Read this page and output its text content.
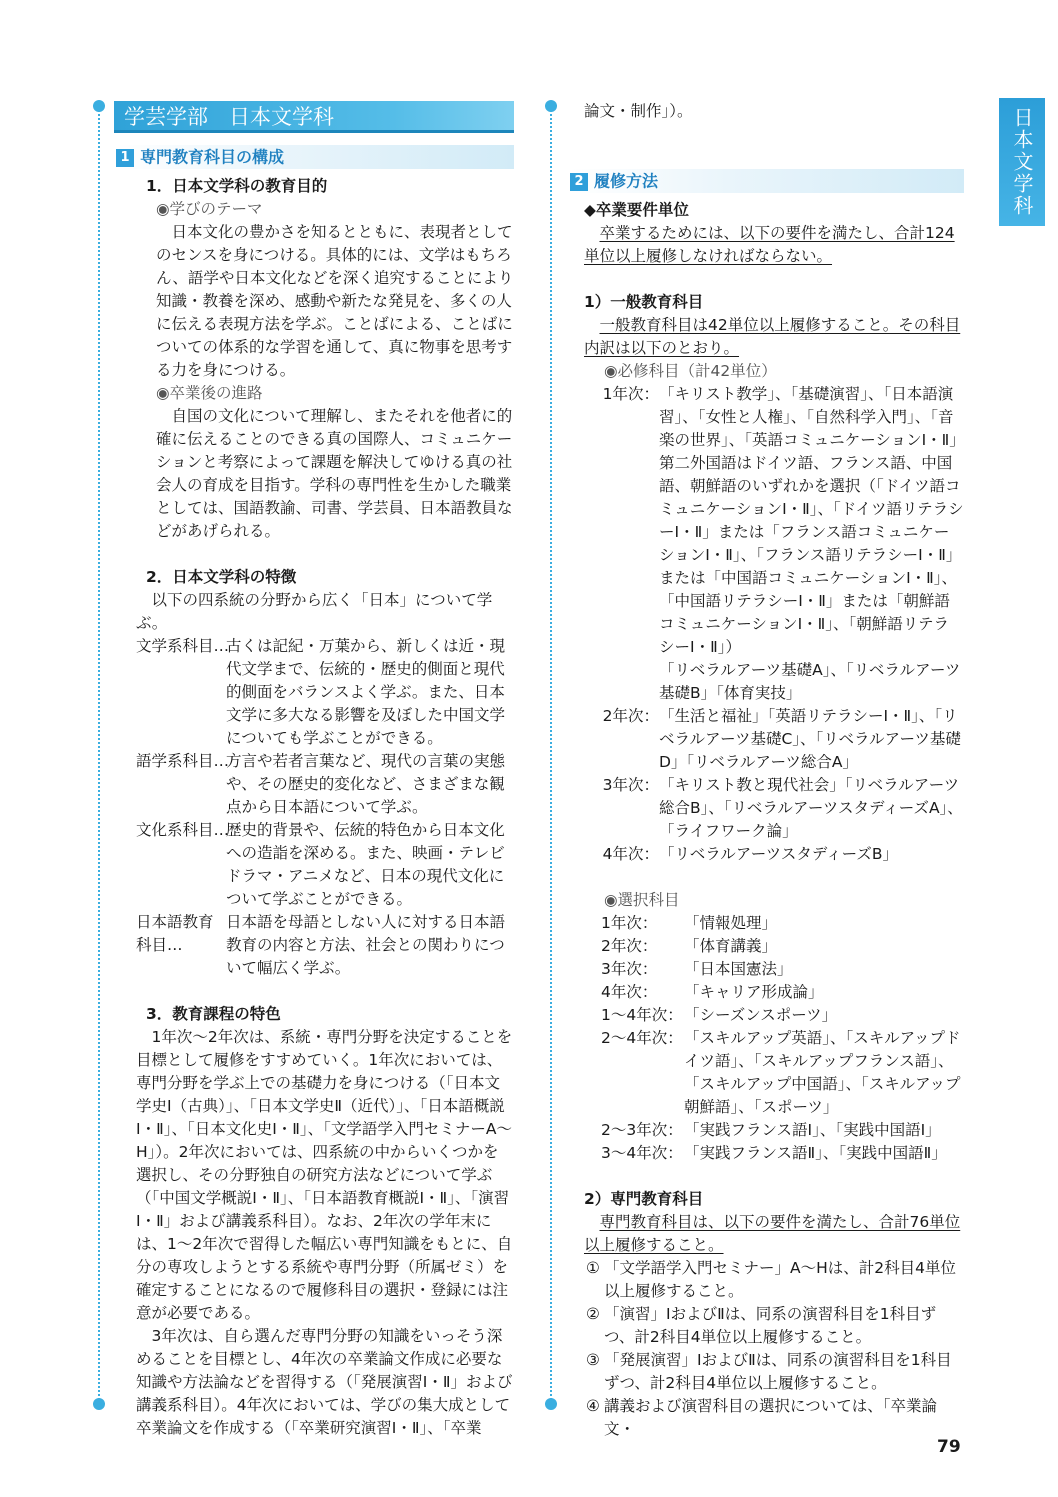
日本文学科
学芸学部　日本文学科
1 専門教育科目の構成

1．日本文学科の教育目的

◉学びのテーマ

日本文化の豊かさを知るとともに、表現者としてのセンスを身につける。具体的には、文学はもちろん、語学や日本文化などを深く追究することにより知識・教養を深め、感動や新たな発見を、多くの人に伝える表現方法を学ぶ。ことばによる、ことばについての体系的な学習を通して、真に物事を思考する力を身につける。

◉卒業後の進路

自国の文化について理解し、またそれを他者に的確に伝えることのできる真の国際人、コミュニケーションと考察によって課題を解決してゆける真の社会人の育成を目指す。学科の専門性を生かした職業としては、国語教諭、司書、学芸員、日本語教員などがあげられる。

2．日本文学科の特徴

以下の四系統の分野から広く「日本」について学ぶ。

文学系科目…
古くは記紀・万葉から、新しくは近・現代文学まで、伝統的・歴史的側面と現代的側面をバランスよく学ぶ。また、日本文学に多大なる影響を及ぼした中国文学についても学ぶことができる。
語学系科目…
方言や若者言葉など、現代の言葉の実態や、その歴史的変化など、さまざまな観点から日本語について学ぶ。
文化系科目…
歴史的背景や、伝統的特色から日本文化への造詣を深める。また、映画・テレビドラマ・アニメなど、日本の現代文化について学ぶことができる。
日本語教育科目…
日本語を母語としない人に対する日本語教育の内容と方法、社会との関わりについて幅広く学ぶ。

3．教育課程の特色

1年次〜2年次は、系統・専門分野を決定することを目標として履修をすすめていく。1年次においては、専門分野を学ぶ上での基礎力を身につける（「日本文学史Ⅰ（古典）」、「日本文学史Ⅱ（近代）」、「日本語概説Ⅰ・Ⅱ」、「日本文化史Ⅰ・Ⅱ」、「文学語学入門セミナーA〜H」）。2年次においては、四系統の中からいくつかを選択し、その分野独自の研究方法などについて学ぶ（「中国文学概説Ⅰ・Ⅱ」、「日本語教育概説Ⅰ・Ⅱ」、「演習Ⅰ・Ⅱ」および講義系科目）。なお、2年次の学年末には、1〜2年次で習得した幅広い専門知識をもとに、自分の専攻しようとする系統や専門分野（所属ゼミ）を確定することになるので履修科目の選択・登録には注意が必要である。

3年次は、自ら選んだ専門分野の知識をいっそう深めることを目標とし、4年次の卒業論文作成に必要な知識や方法論などを習得する（「発展演習Ⅰ・Ⅱ」および講義系科目）。4年次においては、学びの集大成として卒業論文を作成する（「卒業研究演習Ⅰ・Ⅱ」、「卒業

論文・制作」）。

2 履修方法

◆卒業要件単位

卒業するためには、以下の要件を満たし、合計124単位以上履修しなければならない。

1）一般教育科目

一般教育科目は42単位以上履修すること。その科目内訳は以下のとおり。

◉必修科目（計42単位）

1年次： 「キリスト教学」、「基礎演習」、「日本語演習」、「女性と人権」、「自然科学入門」、「音楽の世界」、「英語コミュニケーションⅠ・Ⅱ」
第二外国語はドイツ語、フランス語、中国語、朝鮮語のいずれかを選択（「ドイツ語コミュニケーションⅠ・Ⅱ」、「ドイツ語リテラシーⅠ・Ⅱ」または「フランス語コミュニケーションⅠ・Ⅱ」、「フランス語リテラシーⅠ・Ⅱ」または「中国語コミュニケーションⅠ・Ⅱ」、「中国語リテラシーⅠ・Ⅱ」または「朝鮮語コミュニケーションⅠ・Ⅱ」、「朝鮮語リテラシーⅠ・Ⅱ」）
「リベラルアーツ基礎A」、「リベラルアーツ基礎B」「体育実技」
2年次： 「生活と福祉」「英語リテラシーⅠ・Ⅱ」、「リベラルアーツ基礎C」、「リベラルアーツ基礎D」「リベラルアーツ総合A」
3年次： 「キリスト教と現代社会」「リベラルアーツ総合B」、「リベラルアーツスタディーズA」、「ライフワーク論」
4年次： 「リベラルアーツスタディーズB」

◉選択科目

1年次：	「情報処理」
2年次：	「体育講義」
3年次：	「日本国憲法」
4年次：	「キャリア形成論」
1〜4年次： 「シーズンスポーツ」
2〜4年次： 「スキルアップ英語」、「スキルアップドイツ語」、「スキルアップフランス語」、「スキルアップ中国語」、「スキルアップ朝鮮語」、「スポーツ」
2〜3年次： 「実践フランス語Ⅰ」、「実践中国語Ⅰ」
3〜4年次： 「実践フランス語Ⅱ」、「実践中国語Ⅱ」

2）専門教育科目

専門教育科目は、以下の要件を満たし、合計76単位以上履修すること。

① 「文学語学入門セミナー」A〜Hは、計2科目4単位以上履修すること。
② 「演習」ⅠおよびⅡは、同系の演習科目を1科目ずつ、計2科目4単位以上履修すること。
③ 「発展演習」ⅠおよびⅡは、同系の演習科目を1科目ずつ、計2科目4単位以上履修すること。
④ 講義および演習科目の選択については、「卒業論文・
79
